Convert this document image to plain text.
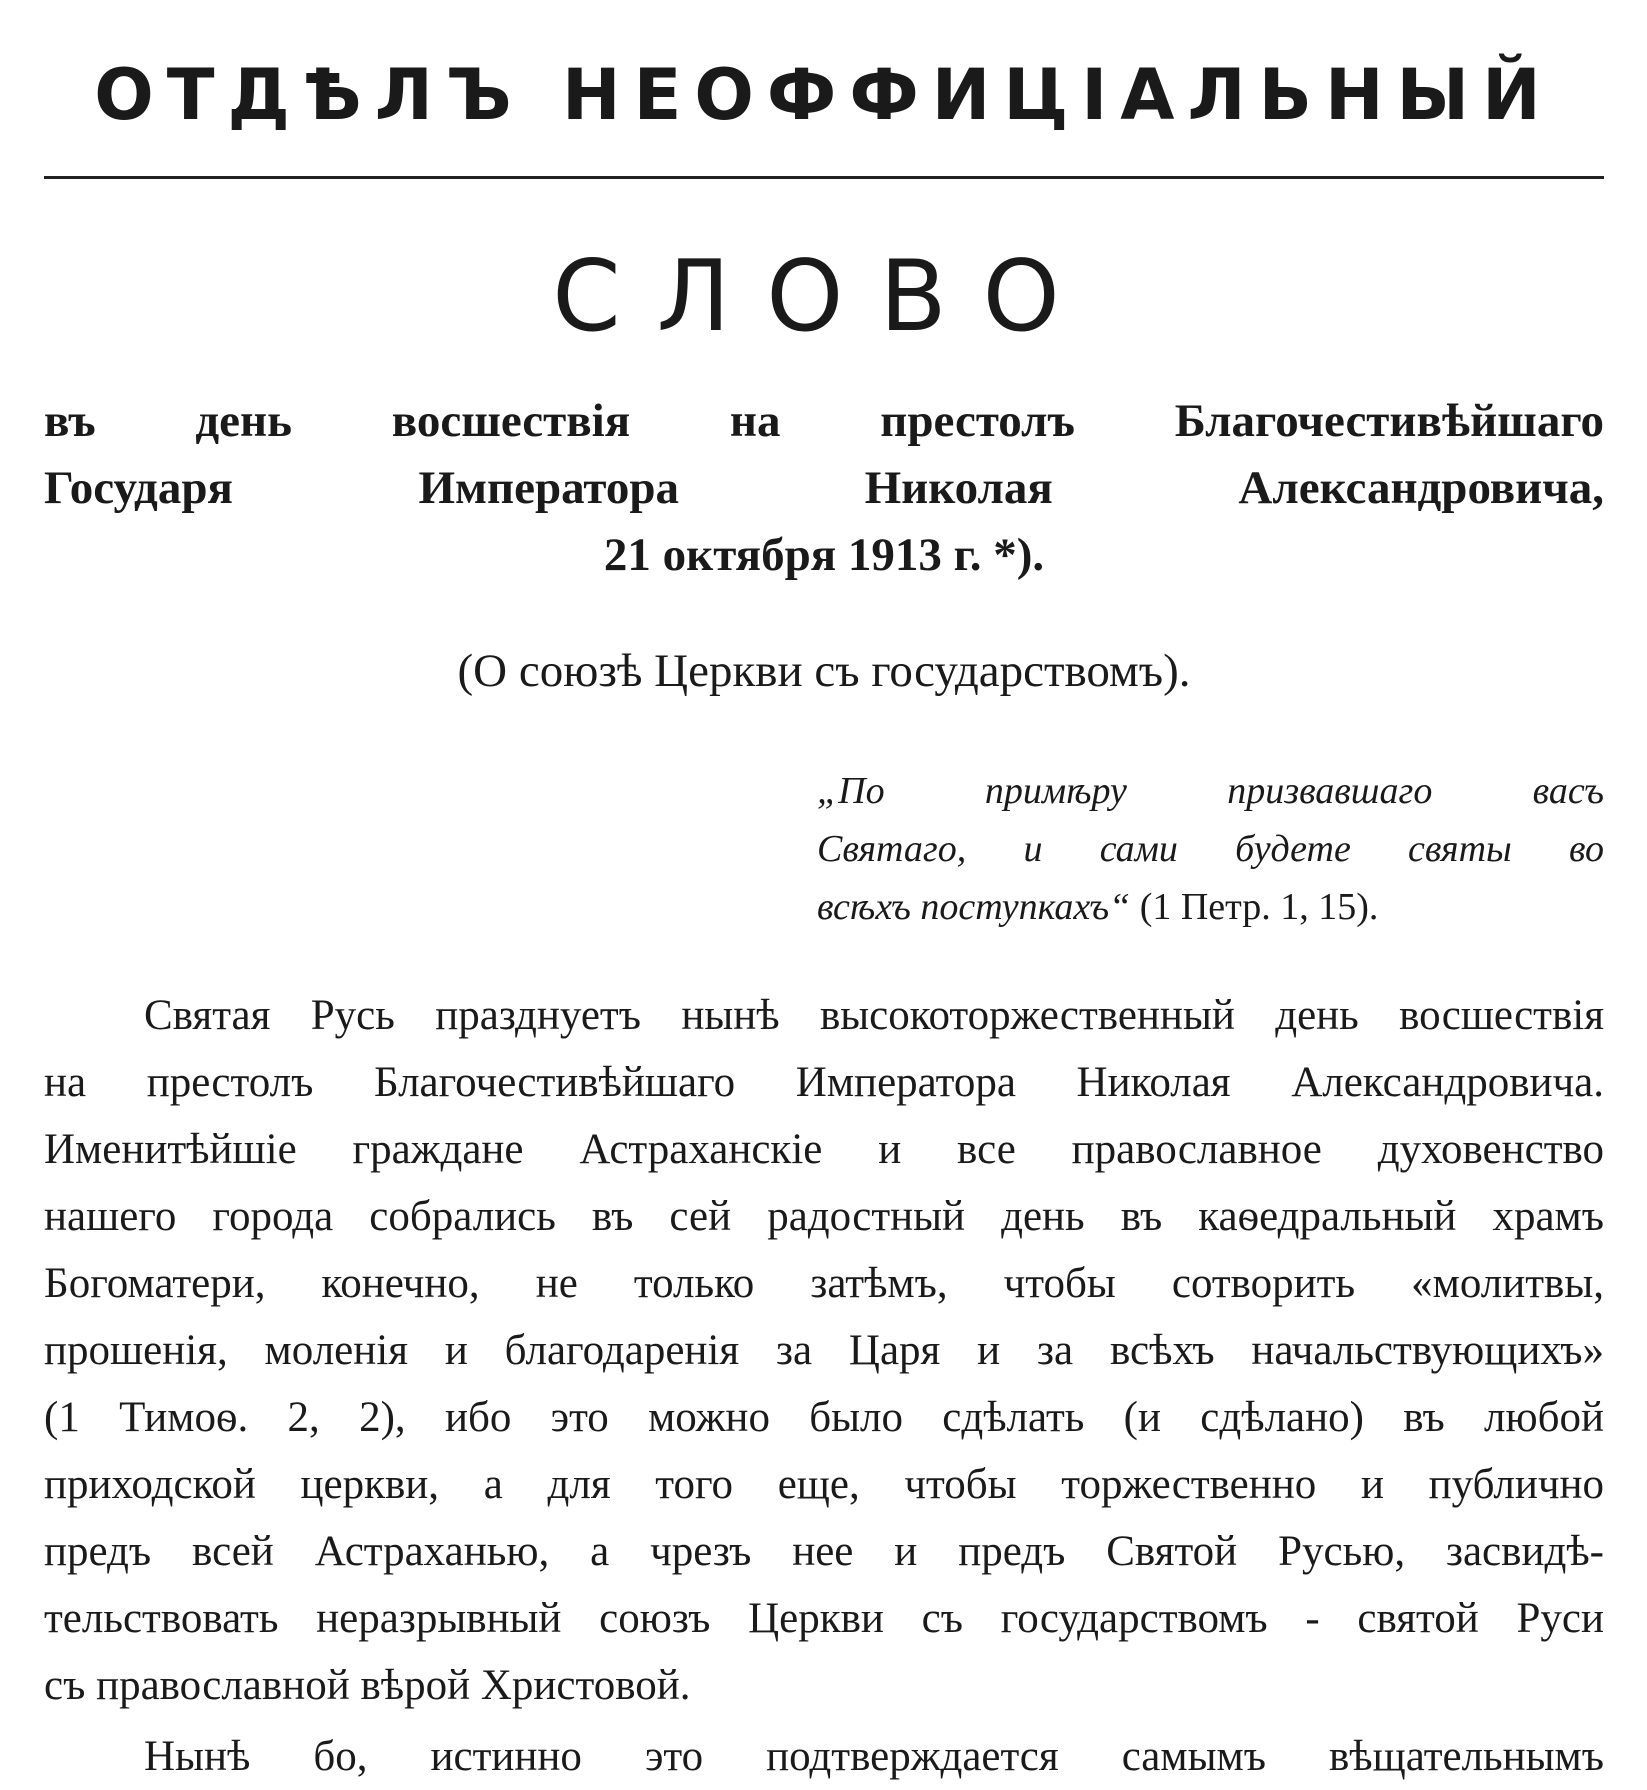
ОТДѢЛЪ НЕОФФИЦІАЛЬНЫЙ
СЛОВО
въ день восшествія на престолъ Благочестивѣйшаго
Государя Императора Николая Александровича,
21 октября 1913 г. *).
(О союзѣ Церкви съ государствомъ).
„По примѣру призвавшаго васъ
Святаго, и сами будете святы во
всѣхъ поступкахъ“ (1 Петр. 1, 15).
Святая Русь празднуетъ нынѣ высокоторжественный день восшествія
на престолъ Благочестивѣйшаго Императора Николая Александровича.
Именитѣйшіе граждане Астраханскіе и все православное духовенство
нашего города собрались въ сей радостный день въ каѳедральный храмъ
Богоматери, конечно, не только затѣмъ, чтобы сотворить «молитвы,
прошенія, моленія и благодаренія за Царя и за всѣхъ начальствующихъ»
(1 Тимоѳ. 2, 2), ибо это можно было сдѣлать (и сдѣлано) въ любой
приходской церкви, а для того еще, чтобы торжественно и публично
предъ всей Астраханью, а чрезъ нее и предъ Святой Русью, засвидѣ-
тельствовать неразрывный союзъ Церкви съ государствомъ - святой Руси
съ православной вѣрой Христовой.
Нынѣ бо, истинно это подтверждается самымъ вѣщательнымъ
